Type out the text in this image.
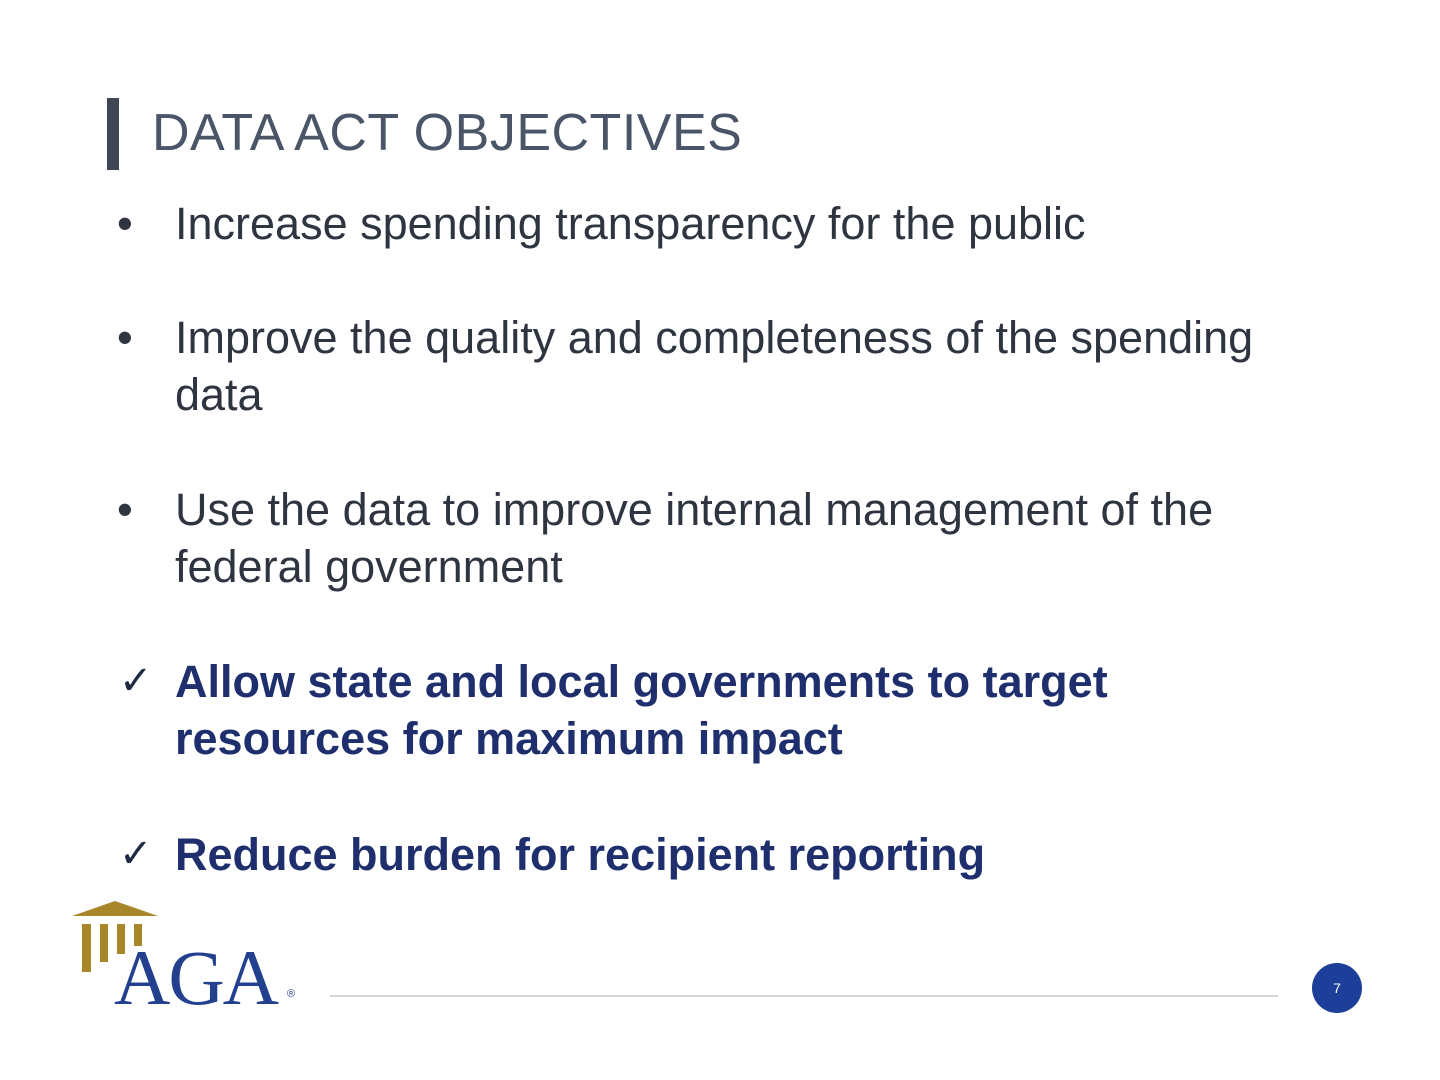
DATA ACT OBJECTIVES
• Increase spending transparency for the public
• Improve the quality and completeness of the spending data
• Use the data to improve internal management of the federal government
✓ Allow state and local governments to target resources for maximum impact
✓ Reduce burden for recipient reporting
AGA ®	7
